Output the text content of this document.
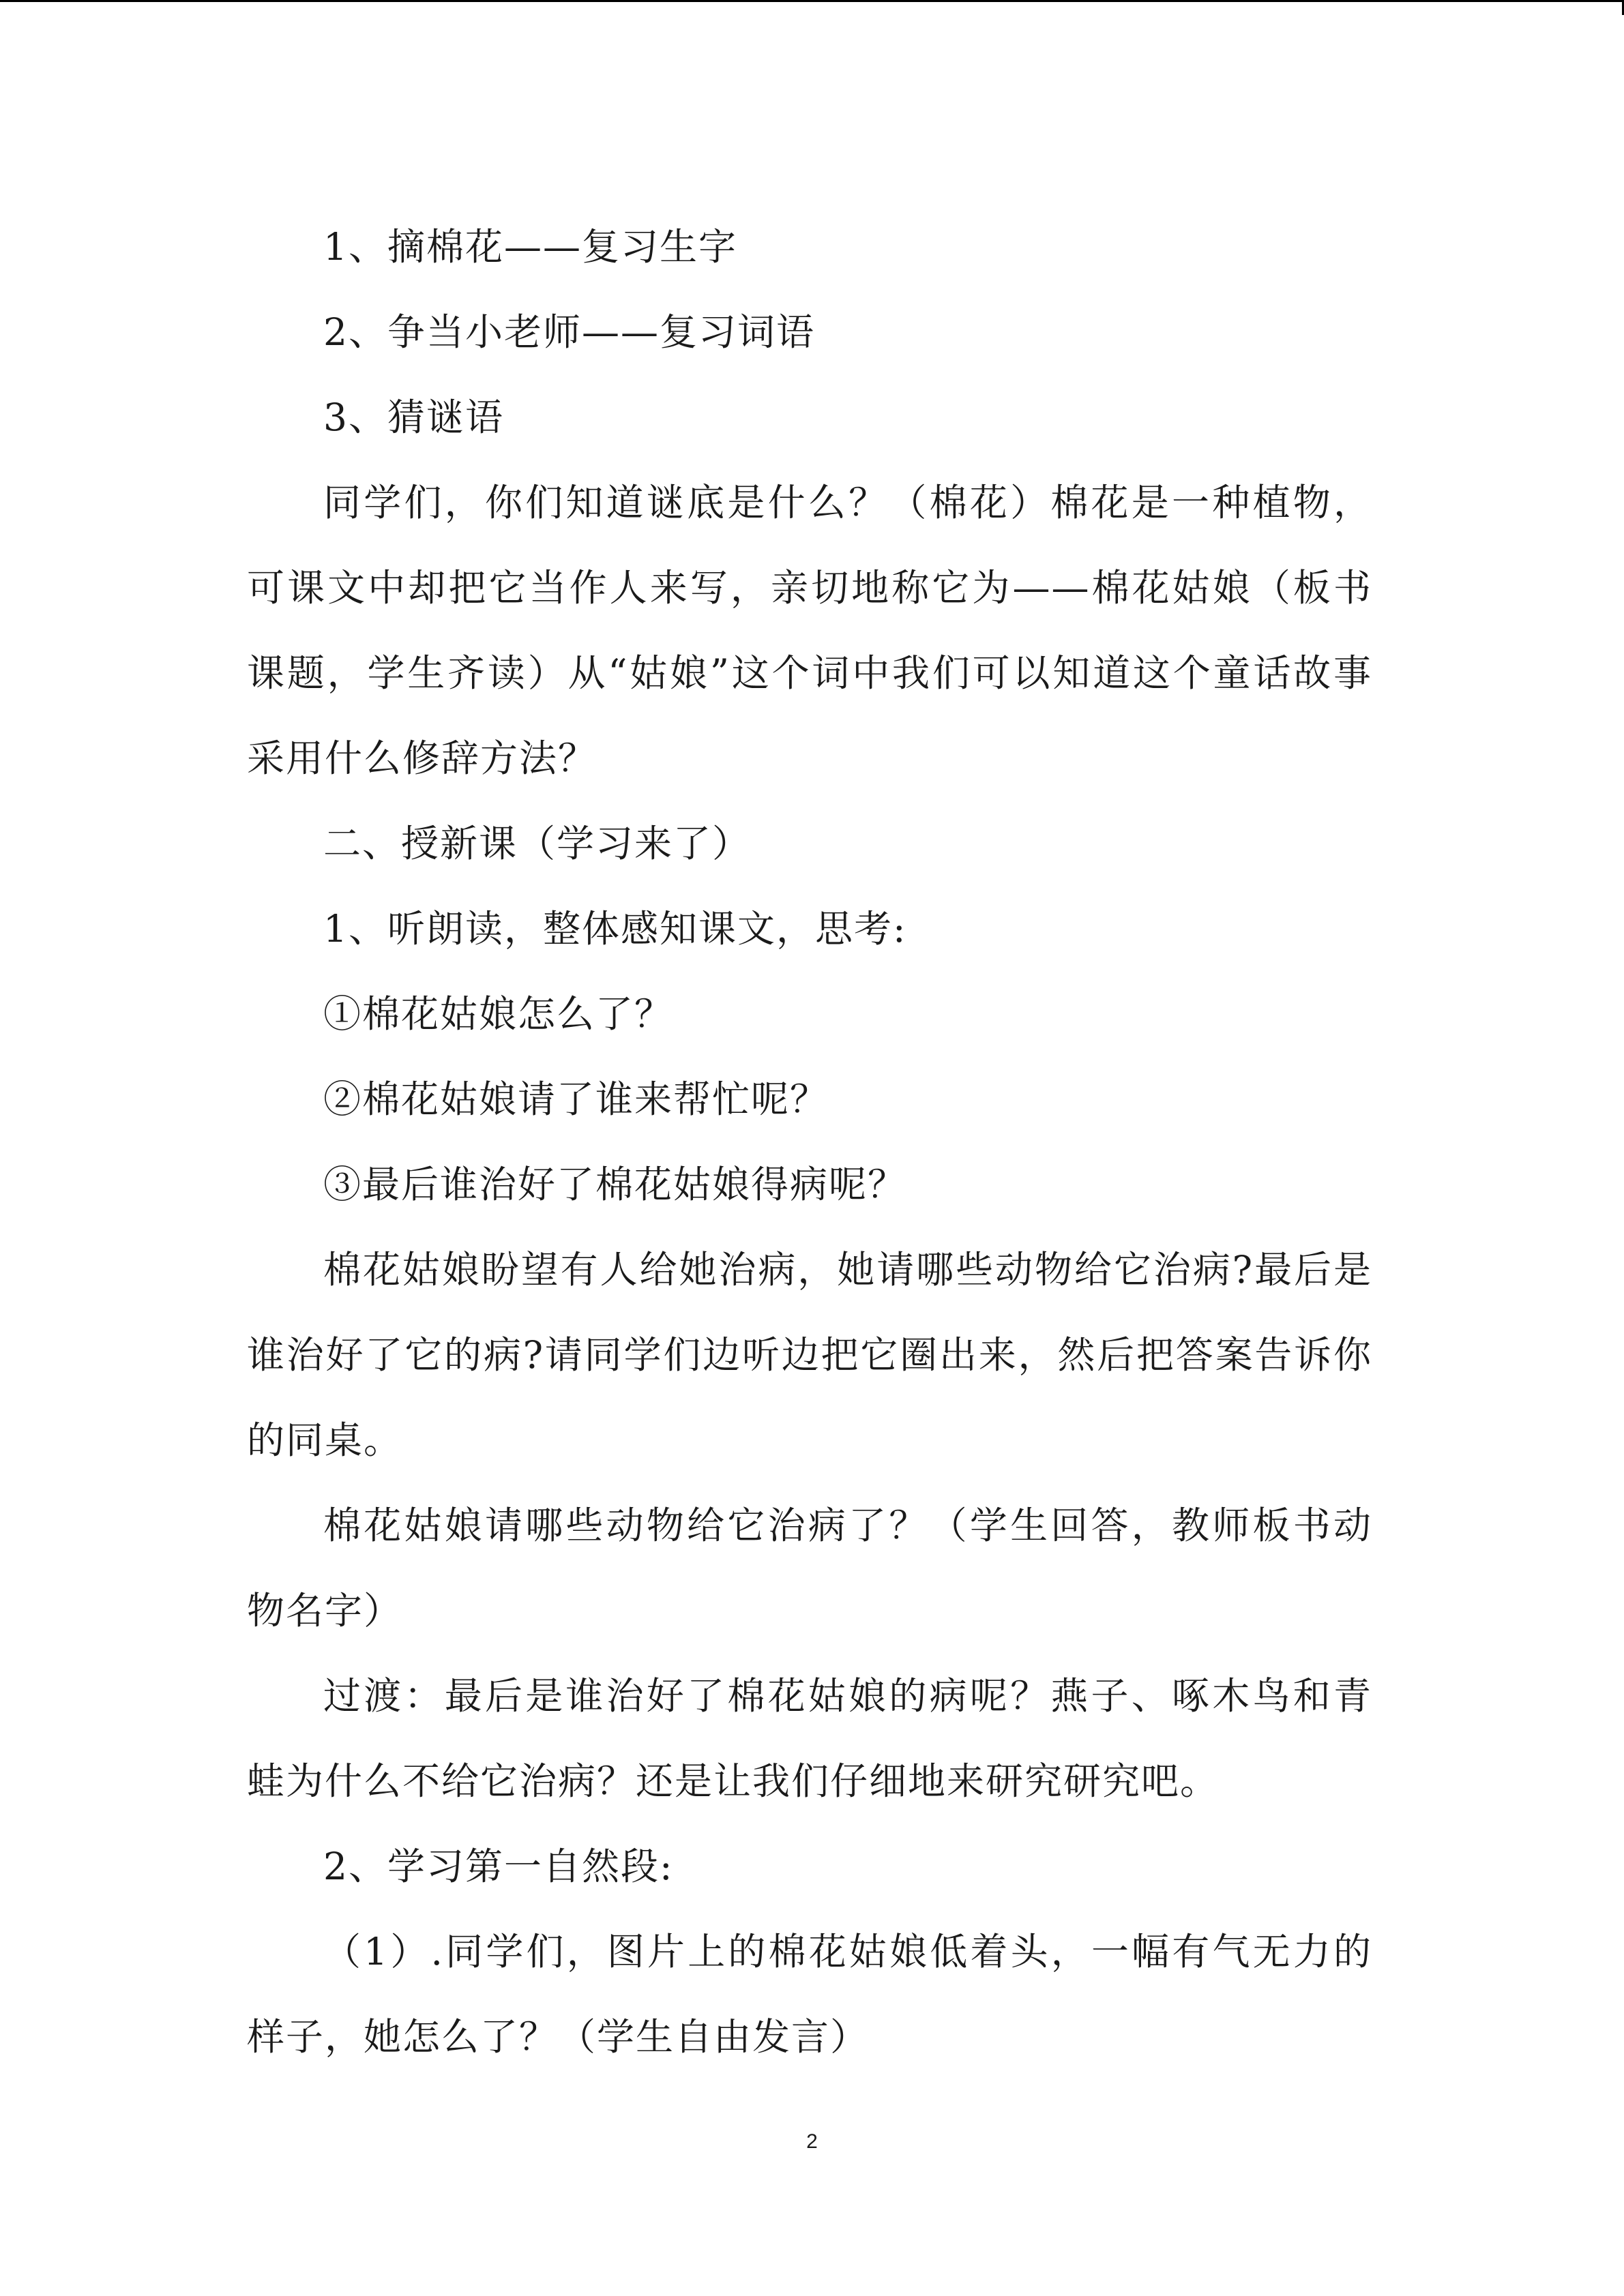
1、摘棉花——复习生字

2、争当小老师——复习词语

3、猜谜语

同学们，你们知道谜底是什么？（棉花）棉花是一种植物，可课文中却把它当作人来写，亲切地称它为——棉花姑娘（板书课题，学生齐读）从“姑娘”这个词中我们可以知道这个童话故事采用什么修辞方法？

二、授新课（学习来了）

1、听朗读，整体感知课文，思考:

①棉花姑娘怎么了？

②棉花姑娘请了谁来帮忙呢？

③最后谁治好了棉花姑娘得病呢？

棉花姑娘盼望有人给她治病，她请哪些动物给它治病?最后是谁治好了它的病?请同学们边听边把它圈出来，然后把答案告诉你的同桌。

棉花姑娘请哪些动物给它治病了？（学生回答，教师板书动物名字）

过渡：最后是谁治好了棉花姑娘的病呢？燕子、啄木鸟和青蛙为什么不给它治病？还是让我们仔细地来研究研究吧。

2、学习第一自然段:

（1）.同学们，图片上的棉花姑娘低着头，一幅有气无力的样子，她怎么了？（学生自由发言）

2
